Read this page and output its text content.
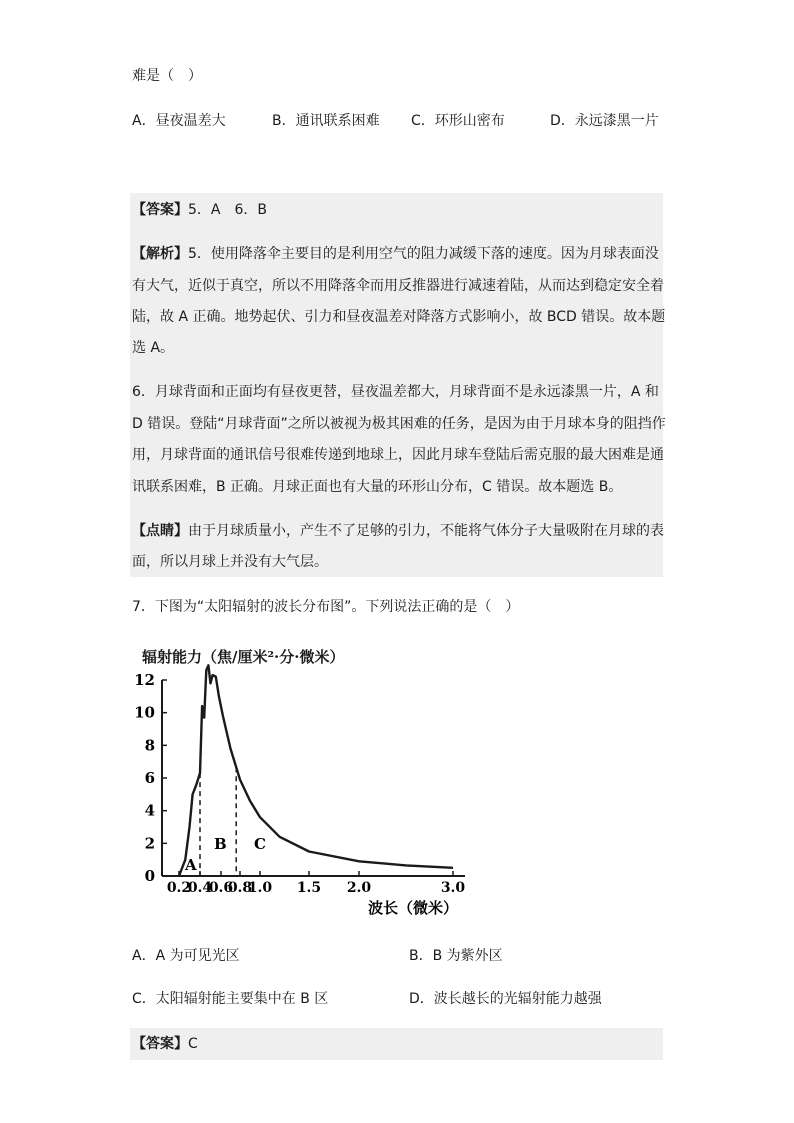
难是（　）
A．昼夜温差大	B．通讯联系困难 C．环形山密布	D．永远漆黑一片
【答案】5．A　6．B
【解析】5．使用降落伞主要目的是利用空气的阻力减缓下落的速度。因为月球表面没
有大气，近似于真空，所以不用降落伞而用反推器进行减速着陆，从而达到稳定安全着
陆，故 A 正确。地势起伏、引力和昼夜温差对降落方式影响小，故 BCD 错误。故本题
选 A。
6．月球背面和正面均有昼夜更替，昼夜温差都大，月球背面不是永远漆黑一片，A 和
D 错误。登陆“月球背面”之所以被视为极其困难的任务，是因为由于月球本身的阻挡作
用，月球背面的通讯信号很难传递到地球上，因此月球车登陆后需克服的最大困难是通
讯联系困难，B 正确。月球正面也有大量的环形山分布，C 错误。故本题选 B。
【点睛】由于月球质量小，产生不了足够的引力，不能将气体分子大量吸附在月球的表
面，所以月球上并没有大气层。
7．下图为“太阳辐射的波长分布图”。下列说法正确的是（　）
辐射能力（焦/厘米²·分·微米）
0
2
4
6
8
10
12
0.2
0.4
0.6
0.8
1.0 1.5 2.0	3.0
A
B C
波长（微米）
A．A 为可见光区	B．B 为紫外区
C．太阳辐射能主要集中在 B 区	D．波长越长的光辐射能力越强
【答案】C
